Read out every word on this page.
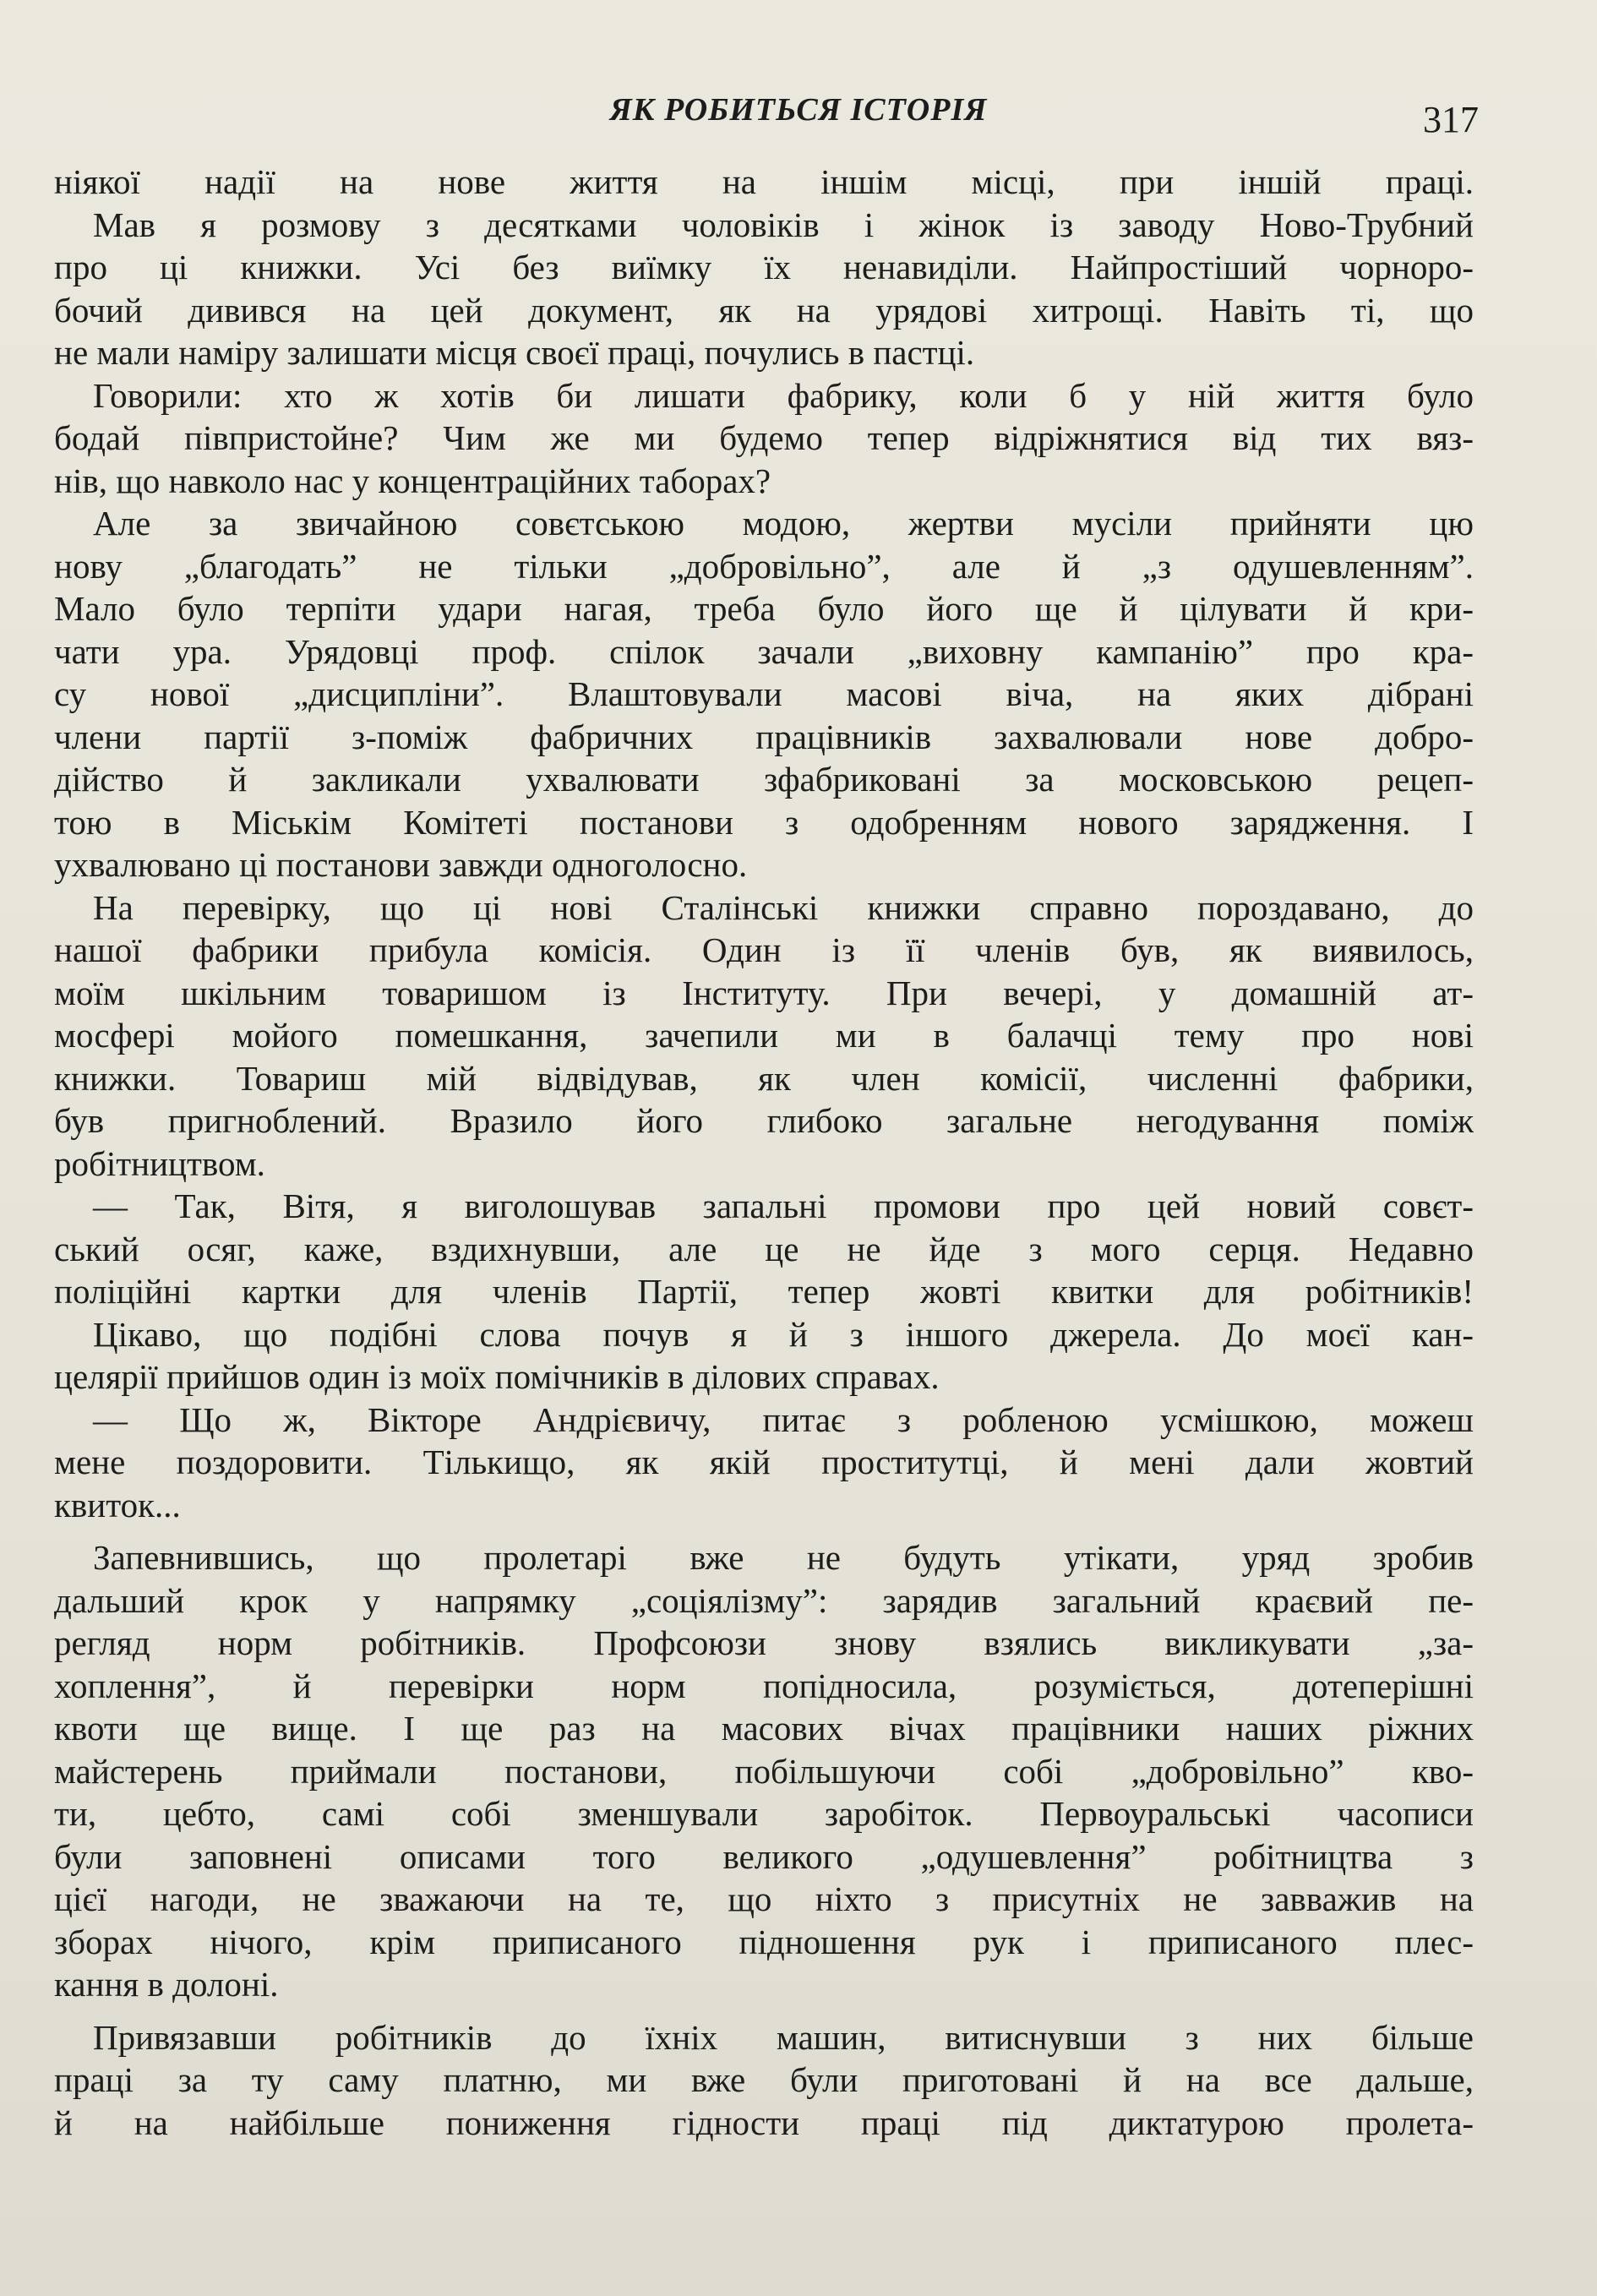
ЯК РОБИТЬСЯ ІСТОРІЯ	317
ніякої надії на нове життя на іншім місці, при іншій праці.
Мав я розмову з десятками чоловіків і жінок із заводу Ново-Трубний
про ці книжки. Усі без виїмку їх ненавиділи. Найпростіший чорноро-
бочий дивився на цей документ, як на урядові хитрощі. Навіть ті, що
не мали наміру залишати місця своєї праці, почулись в пастці.
Говорили: хто ж хотів би лишати фабрику, коли б у ній життя було
бодай півпристойне? Чим же ми будемо тепер відріжнятися від тих вяз-
нів, що навколо нас у концентраційних таборах?
Але за звичайною совєтською модою, жертви мусіли прийняти цю
нову „благодать” не тільки „добровільно”, але й „з одушевленням”.
Мало було терпіти удари нагая, треба було його ще й цілувати й кри-
чати ура. Урядовці проф. спілок зачали „виховну кампанію” про кра-
су нової „дисципліни”. Влаштовували масові віча, на яких дібрані
члени партії з-поміж фабричних працівників захвалювали нове добро-
дійство й закликали ухвалювати зфабриковані за московською рецеп-
тою в Міськім Комітеті постанови з одобренням нового зарядження. І
ухвалювано ці постанови завжди одноголосно.
На перевірку, що ці нові Сталінські книжки справно пороздавано, до
нашої фабрики прибула комісія. Один із її членів був, як виявилось,
моїм шкільним товаришом із Інституту. При вечері, у домашній ат-
мосфері мойого помешкання, зачепили ми в балачці тему про нові
книжки. Товариш мій відвідував, як член комісії, численні фабрики,
був пригноблений. Вразило його глибоко загальне негодування поміж
робітництвом.
— Так, Вітя, я виголошував запальні промови про цей новий совєт-
ський осяг, каже, вздихнувши, але це не йде з мого серця. Недавно
поліційні картки для членів Партії, тепер жовті квитки для робітників!
Цікаво, що подібні слова почув я й з іншого джерела. До моєї кан-
целярії прийшов один із моїх помічників в ділових справах.
— Що ж, Вікторе Андрієвичу, питає з робленою усмішкою, можеш
мене поздоровити. Тількищо, як якій проститутці, й мені дали жовтий
квиток...
Запевнившись, що пролетарі вже не будуть утікати, уряд зробив
дальший крок у напрямку „соціялізму”: зарядив загальний краєвий пе-
регляд норм робітників. Профсоюзи знову взялись викликувати „за-
хоплення”, й перевірки норм попідносила, розуміється, дотеперішні
квоти ще вище. І ще раз на масових вічах працівники наших ріжних
майстерень приймали постанови, побільшуючи собі „добровільно” кво-
ти, цебто, самі собі зменшували заробіток. Первоуральські часописи
були заповнені описами того великого „одушевлення” робітництва з
цієї нагоди, не зважаючи на те, що ніхто з присутніх не завважив на
зборах нічого, крім приписаного підношення рук і приписаного плес-
кання в долоні.
Привязавши робітників до їхніх машин, витиснувши з них більше
праці за ту саму платню, ми вже були приготовані й на все дальше,
й на найбільше пониження гідности праці під диктатурою пролета-
